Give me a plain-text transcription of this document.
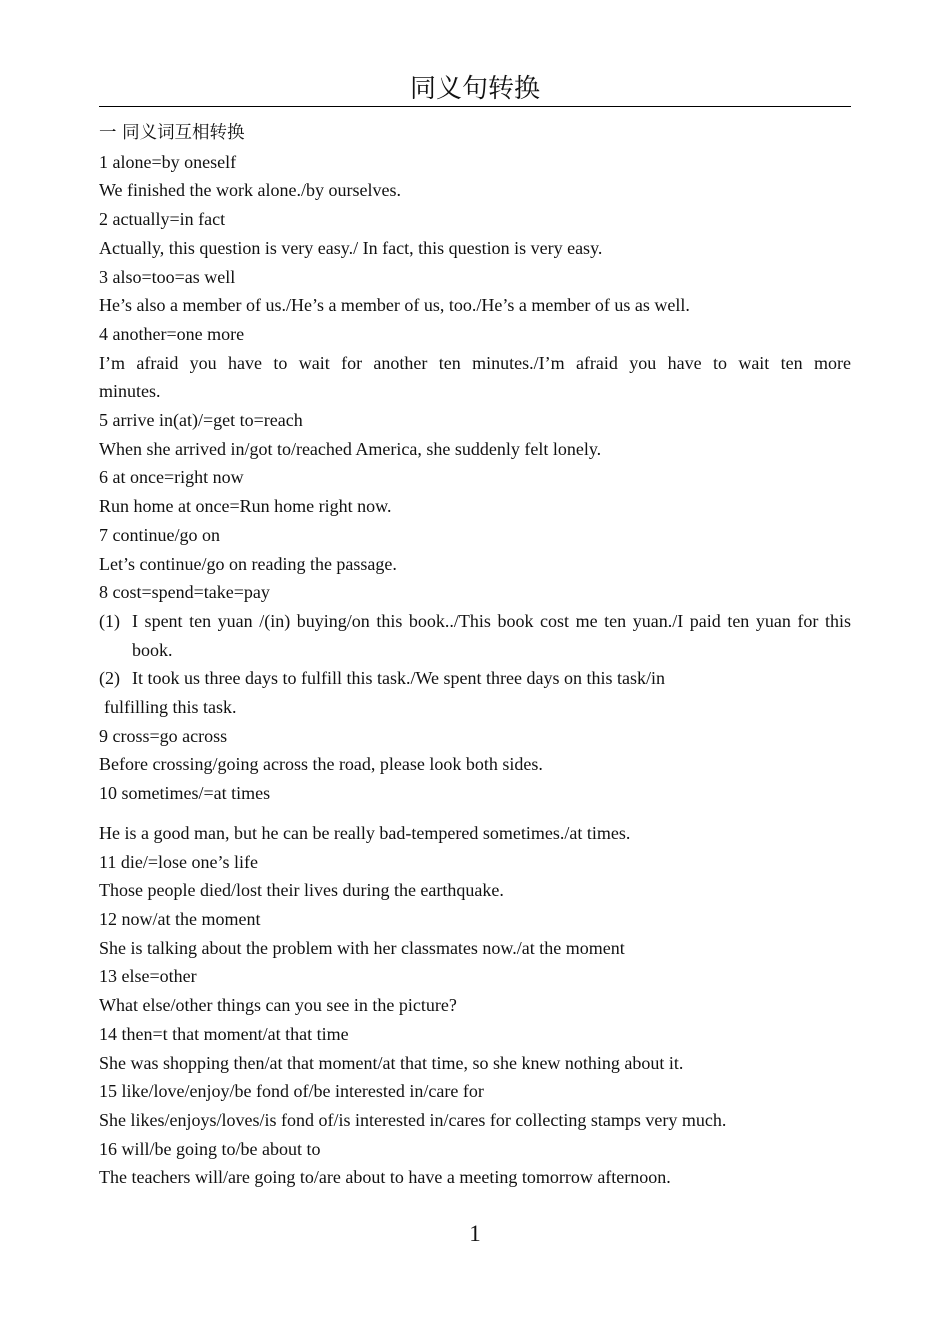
同义句转换
一 同义词互相转换
1 alone=by oneself
We finished the work alone./by ourselves.
2 actually=in fact
Actually, this question is very easy./ In fact, this question is very easy.
3 also=too=as well
He’s also a member of us./He’s a member of us, too./He’s a member of us as well.
4 another=one more
I’m afraid you have to wait for another ten minutes./I’m afraid you have to wait ten more
minutes.
5 arrive in(at)/=get to=reach
When she arrived in/got to/reached America, she suddenly felt lonely.
6 at once=right now
Run home at once=Run home right now.
7 continue/go on
Let’s continue/go on reading the passage.
8 cost=spend=take=pay
(1) I spent ten yuan /(in) buying/on this book../This book cost me ten yuan./I paid ten yuan for this book.
(2) It took us three days to fulfill this task./We spent three days on this task/in
fulfilling this task.
9 cross=go across
Before crossing/going across the road, please look both sides.
10 sometimes/=at times
He is a good man, but he can be really bad-tempered sometimes./at times.
11 die/=lose one’s life
Those people died/lost their lives during the earthquake.
12 now/at the moment
She is talking about the problem with her classmates now./at the moment
13 else=other
What else/other things can you see in the picture?
14 then=t that moment/at that time
She was shopping then/at that moment/at that time, so she knew nothing about it.
15 like/love/enjoy/be fond of/be interested in/care for
She likes/enjoys/loves/is fond of/is interested in/cares for collecting stamps very much.
16 will/be going to/be about to
The teachers will/are going to/are about to have a meeting tomorrow afternoon.
1
